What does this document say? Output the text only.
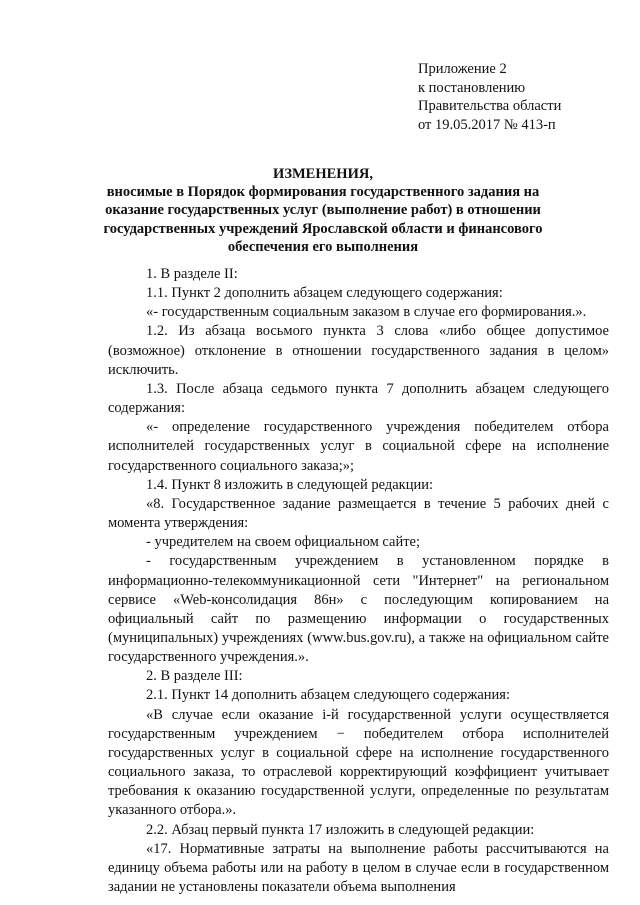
Приложение 2
к постановлению
Правительства области
от 19.05.2017 № 413-п
ИЗМЕНЕНИЯ,
вносимые в Порядок формирования государственного задания на оказание государственных услуг (выполнение работ) в отношении государственных учреждений Ярославской области и финансового обеспечения его выполнения

1. В разделе II:

1.1. Пункт 2 дополнить абзацем следующего содержания:

«- государственным социальным заказом в случае его формирования.».

1.2. Из абзаца восьмого пункта 3 слова «либо общее допустимое (возможное) отклонение в отношении государственного задания в целом» исключить.

1.3. После абзаца седьмого пункта 7 дополнить абзацем следующего содержания:

«- определение государственного учреждения победителем отбора исполнителей государственных услуг в социальной сфере на исполнение государственного социального заказа;»;

1.4. Пункт 8 изложить в следующей редакции:

«8. Государственное задание размещается в течение 5 рабочих дней с момента утверждения:

- учредителем на своем официальном сайте;

- государственным учреждением в установленном порядке в информационно-телекоммуникационной сети "Интернет" на региональном сервисе «Web-консолидация 86н» с последующим копированием на официальный сайт по размещению информации о государственных (муниципальных) учреждениях (www.bus.gov.ru), а также на официальном сайте государственного учреждения.».

2. В разделе III:

2.1. Пункт 14 дополнить абзацем следующего содержания:

«В случае если оказание i-й государственной услуги осуществляется государственным учреждением − победителем отбора исполнителей государственных услуг в социальной сфере на исполнение государственного социального заказа, то отраслевой корректирующий коэффициент учитывает требования к оказанию государственной услуги, определенные по результатам указанного отбора.».

2.2. Абзац первый пункта 17 изложить в следующей редакции:

«17. Нормативные затраты на выполнение работы рассчитываются на единицу объема работы или на работу в целом в случае если в государственном задании не установлены показатели объема выполнения
